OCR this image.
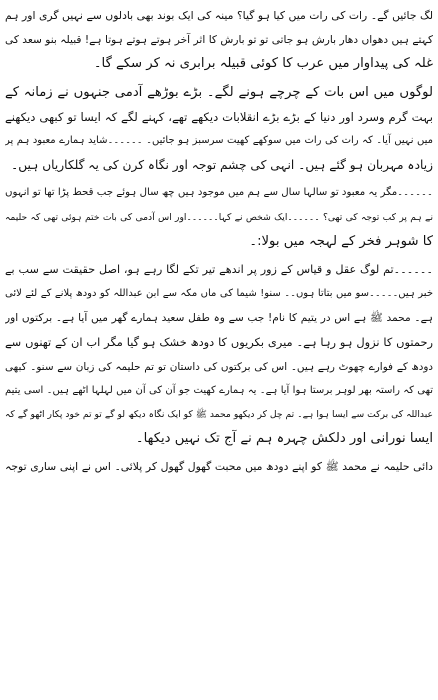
لگ جائیں گے۔ رات کی رات میں کیا ہو گیا؟ مینہ کی ایک بوند بھی بادلوں سے نہیں گری اور ہم
کہتے ہیں دھواں دھار بارش ہو جاتی تو تو بارش کا اثر آخر ہوتے ہوتے ہوتا ہے! قبیلہ بنو سعد کی
غلہ کی پیداوار میں عرب کا کوئی قبیلہ برابری نہ کر سکے گا۔
لوگوں میں اس بات کے چرچے ہونے لگے۔ بڑے بوڑھے آدمی جنہوں نے زمانہ کے
بہت گرم وسرد اور دنیا کے بڑے بڑے انقلابات دیکھے تھے، کہنے لگے کہ ایسا تو کبھی دیکھنے
میں نہیں آیا۔ کہ رات کی رات میں سوکھے کھیت سرسبز ہو جائیں۔ ۔۔۔۔۔۔شاید ہمارے معبود ہم پر
زیادہ مہربان ہو گئے ہیں۔ انہی کی چشم توجہ اور نگاہ کرن کی یہ گلکاریاں ہیں۔
۔۔۔۔۔۔مگر یہ معبود تو سالہا سال سے ہم میں موجود ہیں چھ سال ہوئے جب قحط پڑا تھا تو انہوں
نے ہم پر کب توجہ کی تھی؟ ۔۔۔۔۔۔ایک شخص نے کہا۔۔۔۔۔۔اور اس آدمی کی بات ختم ہوئی تھی کہ حلیمہ
کا شوہر فخر کے لہجہ میں بولا:۔
۔۔۔۔۔۔تم لوگ عقل و قیاس کے زور پر اندھے تیر تکے لگا رہے ہو، اصل حقیقت سے سب بے
خبر ہیں۔۔۔۔۔سو میں بتاتا ہوں۔۔ سنو! شیما کی ماں مکہ سے ابن عبداللہ کو دودھ پلانے کے لئے لائی
ہے۔ محمد ﷺ ہے اس در یتیم کا نام! جب سے وہ طفل سعید ہمارے گھر میں آیا ہے۔ برکتوں اور
رحمتوں کا نزول ہو رہا ہے۔ میری بکریوں کا دودھ خشک ہو گیا مگر اب ان کے تھنوں سے
دودھ کے فوارے چھوٹ رہے ہیں۔ اس کی برکتوں کی داستان تو تم حلیمہ کی زبان سے سنو۔ کبھی
تھی کہ راستہ بھر لوہر برستا ہوا آیا ہے۔ یہ ہمارے کھیت جو آن کی آن میں لہلہا اٹھے ہیں۔ اسی یتیم
عبداللہ کی برکت سے ایسا ہوا ہے۔ تم چل کر دیکھو محمد ﷺ کو ایک نگاہ دیکھ لو گے تو تم خود پکار اٹھو گے کہ
ایسا نورانی اور دلکش چہرہ ہم نے آج تک نہیں دیکھا۔
دائی حلیمہ نے محمد ﷺ کو اپنے دودھ میں محبت گھول گھول کر پلائی۔ اس نے اپنی ساری توجہ
